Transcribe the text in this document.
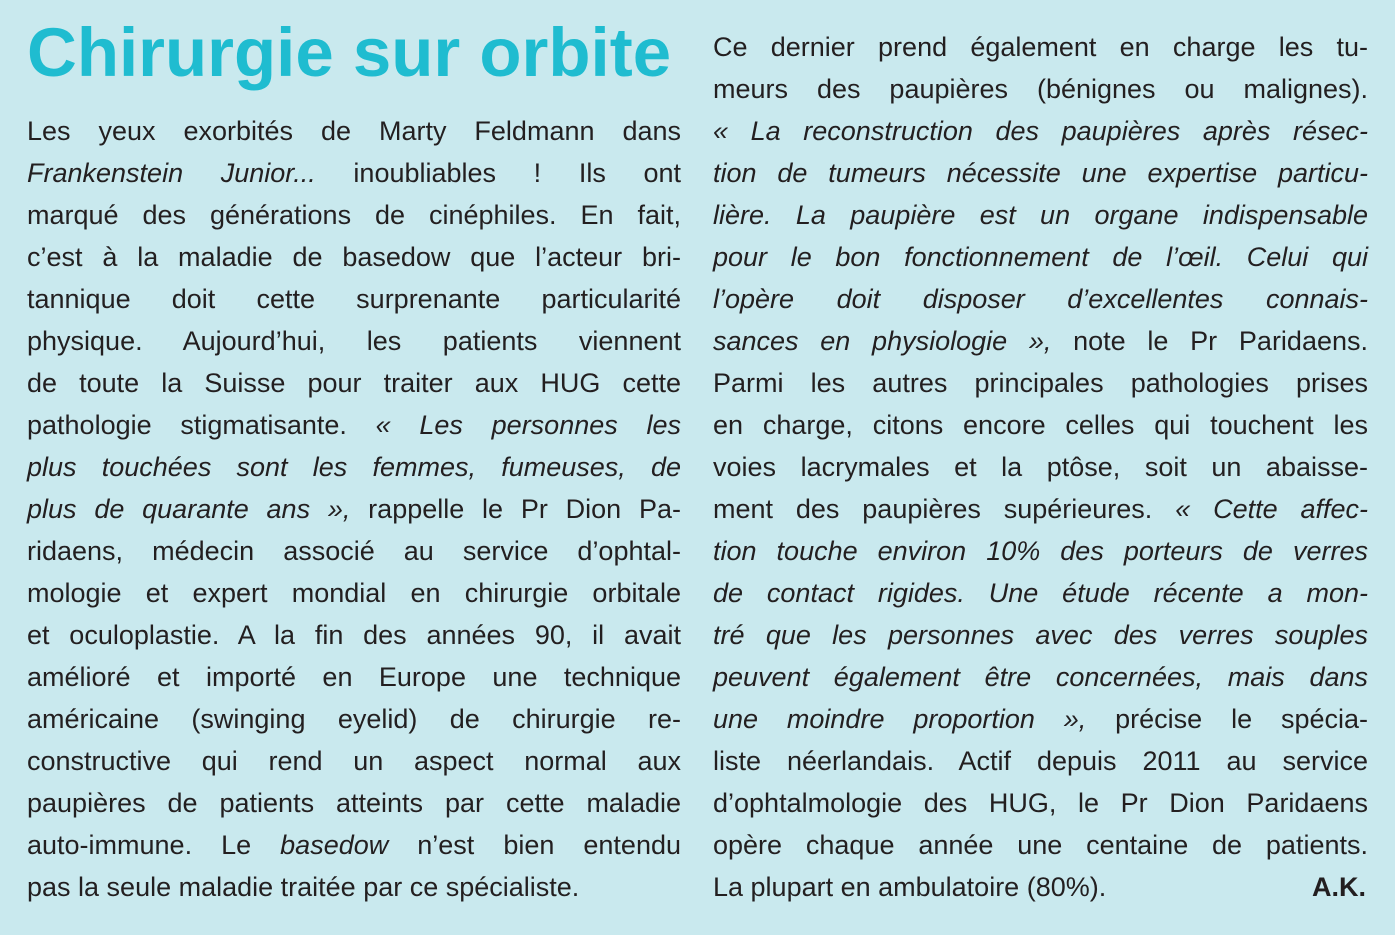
Chirurgie sur orbite
Les yeux exorbités de Marty Feldmann dans
Frankenstein Junior... inoubliables ! Ils ont
marqué des générations de cinéphiles. En fait,
c’est à la maladie de basedow que l’acteur bri-
tannique doit cette surprenante particularité
physique. Aujourd’hui, les patients viennent
de toute la Suisse pour traiter aux HUG cette
pathologie stigmatisante. « Les personnes les
plus touchées sont les femmes, fumeuses, de
plus de quarante ans », rappelle le Pr Dion Pa-
ridaens, médecin associé au service d’ophtal-
mologie et expert mondial en chirurgie orbitale
et oculoplastie. A la fin des années 90, il avait
amélioré et importé en Europe une technique
américaine (swinging eyelid) de chirurgie re-
constructive qui rend un aspect normal aux
paupières de patients atteints par cette maladie
auto-immune. Le basedow n’est bien entendu
pas la seule maladie traitée par ce spécialiste.
Ce dernier prend également en charge les tu-
meurs des paupières (bénignes ou malignes).
« La reconstruction des paupières après résec-
tion de tumeurs nécessite une expertise particu-
lière. La paupière est un organe indispensable
pour le bon fonctionnement de l’œil. Celui qui
l’opère doit disposer d’excellentes connais-
sances en physiologie », note le Pr Paridaens.
Parmi les autres principales pathologies prises
en charge, citons encore celles qui touchent les
voies lacrymales et la ptôse, soit un abaisse-
ment des paupières supérieures. « Cette affec-
tion touche environ 10% des porteurs de verres
de contact rigides. Une étude récente a mon-
tré que les personnes avec des verres souples
peuvent également être concernées, mais dans
une moindre proportion », précise le spécia-
liste néerlandais. Actif depuis 2011 au service
d’ophtalmologie des HUG, le Pr Dion Paridaens
opère chaque année une centaine de patients.
La plupart en ambulatoire (80%).	A.K.
